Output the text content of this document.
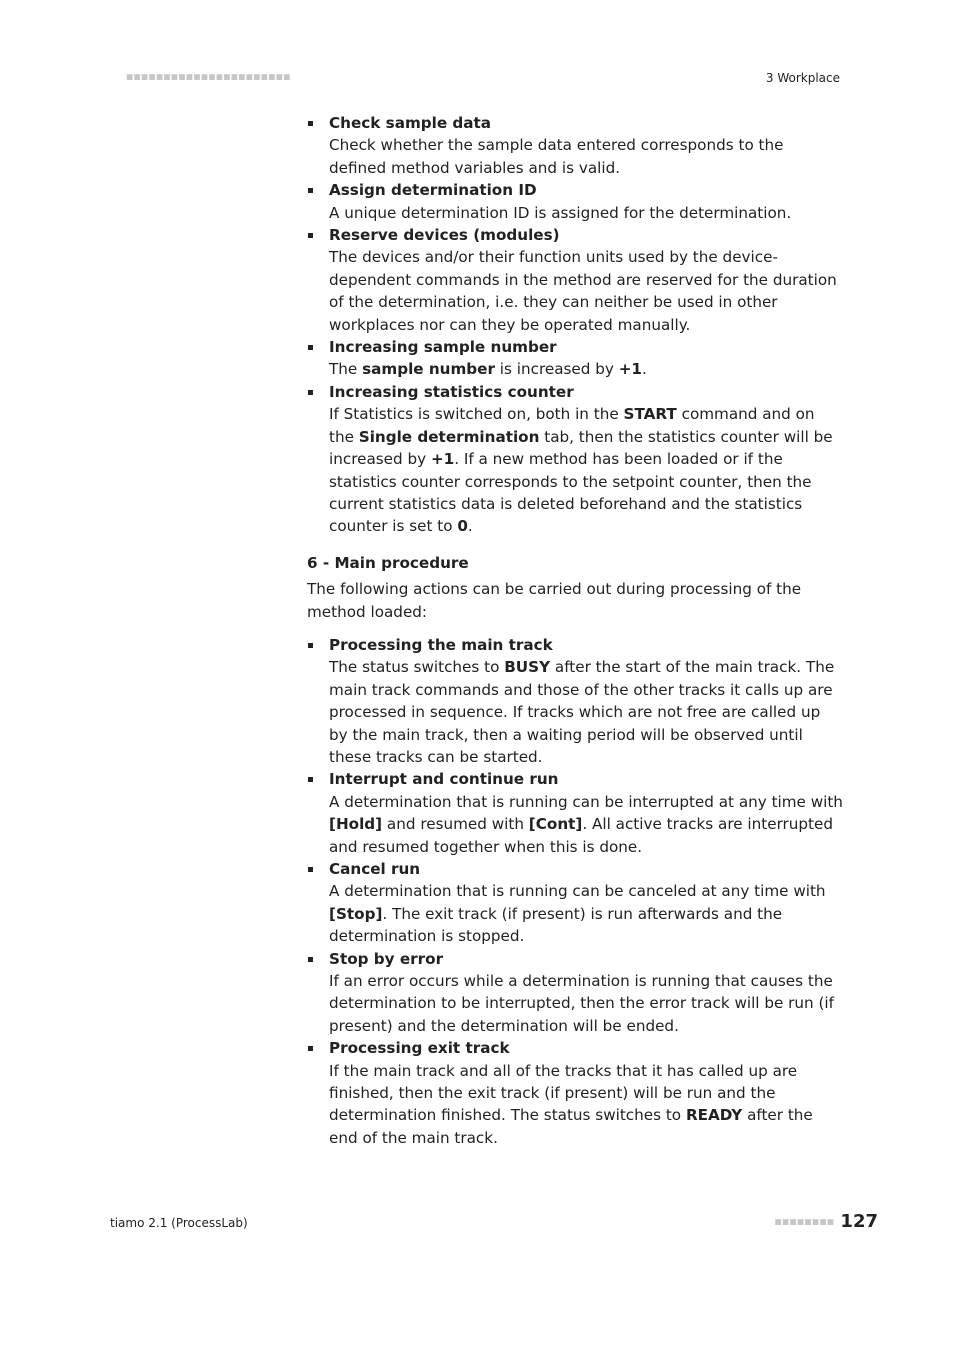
■■■■■■■■■■■■■■■■■■■■■■	3 Workplace
Check sample data
Check whether the sample data entered corresponds to the defined method variables and is valid.
Assign determination ID
A unique determination ID is assigned for the determination.
Reserve devices (modules)
The devices and/or their function units used by the device-dependent commands in the method are reserved for the duration of the determination, i.e. they can neither be used in other workplaces nor can they be operated manually.
Increasing sample number
The sample number is increased by +1.
Increasing statistics counter
If Statistics is switched on, both in the START command and on the Single determination tab, then the statistics counter will be increased by +1. If a new method has been loaded or if the statistics counter corresponds to the setpoint counter, then the current statistics data is deleted beforehand and the statistics counter is set to 0.
6 - Main procedure
The following actions can be carried out during processing of the method loaded:
Processing the main track
The status switches to BUSY after the start of the main track. The main track commands and those of the other tracks it calls up are processed in sequence. If tracks which are not free are called up by the main track, then a waiting period will be observed until these tracks can be started.
Interrupt and continue run
A determination that is running can be interrupted at any time with [Hold] and resumed with [Cont]. All active tracks are interrupted and resumed together when this is done.
Cancel run
A determination that is running can be canceled at any time with [Stop]. The exit track (if present) is run afterwards and the determination is stopped.
Stop by error
If an error occurs while a determination is running that causes the determination to be interrupted, then the error track will be run (if present) and the determination will be ended.
Processing exit track
If the main track and all of the tracks that it has called up are finished, then the exit track (if present) will be run and the determination finished. The status switches to READY after the end of the main track.
tiamo 2.1 (ProcessLab)	■■■■■■■■ 127
